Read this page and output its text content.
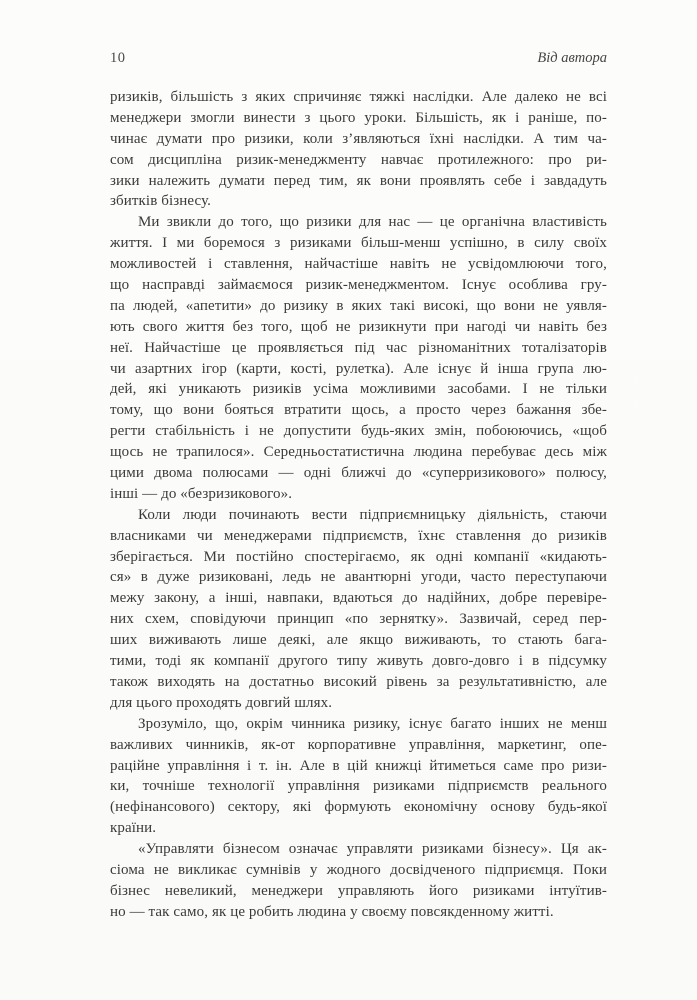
10	Від автора
ризиків, більшість з яких спричиняє тяжкі наслідки. Але далеко не всі
менеджери змогли винести з цього уроки. Більшість, як і раніше, по-
чинає думати про ризики, коли з’являються їхні наслідки. А тим ча-
сом дисципліна ризик-менеджменту навчає протилежного: про ри-
зики належить думати перед тим, як вони проявлять себе і завдадуть
збитків бізнесу.
Ми звикли до того, що ризики для нас — це органічна властивість
життя. І ми боремося з ризиками більш-менш успішно, в силу своїх
можливостей і ставлення, найчастіше навіть не усвідомлюючи того,
що насправді займаємося ризик-менеджментом. Існує особлива гру-
па людей, «апетити» до ризику в яких такі високі, що вони не уявля-
ють свого життя без того, щоб не ризикнути при нагоді чи навіть без
неї. Найчастіше це проявляється під час різноманітних тоталізаторів
чи азартних ігор (карти, кості, рулетка). Але існує й інша група лю-
дей, які уникають ризиків усіма можливими засобами. І не тільки
тому, що вони бояться втратити щось, а просто через бажання збе-
регти стабільність і не допустити будь-яких змін, побоюючись, «щоб
щось не трапилося». Середньостатистична людина перебуває десь між
цими двома полюсами — одні ближчі до «суперризикового» полюсу,
інші — до «безризикового».
Коли люди починають вести підприємницьку діяльність, стаючи
власниками чи менеджерами підприємств, їхнє ставлення до ризиків
зберігається. Ми постійно спостерігаємо, як одні компанії «кидають-
ся» в дуже ризиковані, ледь не авантюрні угоди, часто переступаючи
межу закону, а інші, навпаки, вдаються до надійних, добре перевіре-
них схем, сповідуючи принцип «по зернятку». Зазвичай, серед пер-
ших виживають лише деякі, але якщо виживають, то стають бага-
тими, тоді як компанії другого типу живуть довго-довго і в підсумку
також виходять на достатньо високий рівень за результативністю, але
для цього проходять довгий шлях.
Зрозуміло, що, окрім чинника ризику, існує багато інших не менш
важливих чинників, як-от корпоративне управління, маркетинг, опе-
раційне управління і т. ін. Але в цій книжці йтиметься саме про ризи-
ки, точніше технології управління ризиками підприємств реального
(нефінансового) сектору, які формують економічну основу будь-якої
країни.
«Управляти бізнесом означає управляти ризиками бізнесу». Ця ак-
сіома не викликає сумнівів у жодного досвідченого підприємця. Поки
бізнес невеликий, менеджери управляють його ризиками інтуїтив-
но — так само, як це робить людина у своєму повсякденному житті.
